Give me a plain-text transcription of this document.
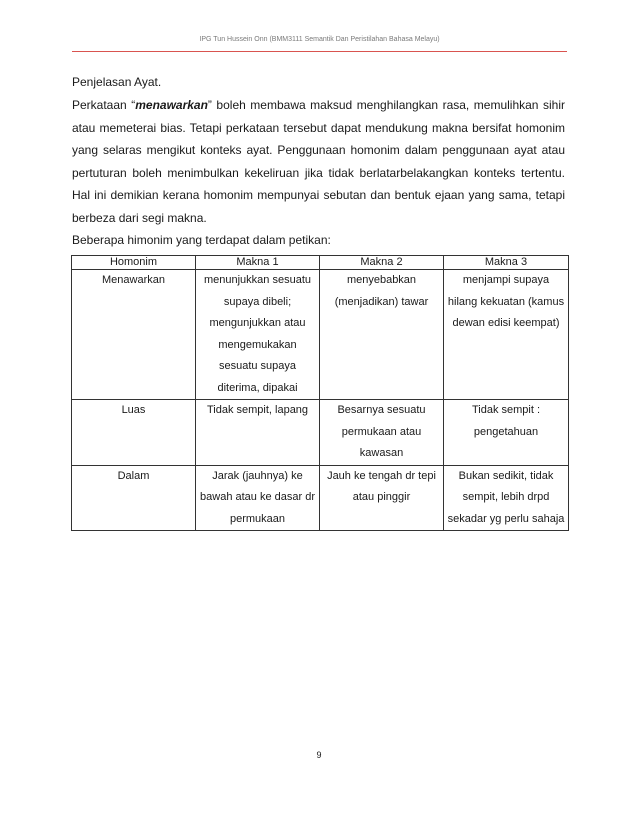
IPG Tun Hussein Onn (BMM3111 Semantik Dan Peristilahan Bahasa Melayu)
Penjelasan Ayat.
Perkataan “menawarkan” boleh membawa maksud menghilangkan rasa, memulihkan sihir atau memeterai bias. Tetapi perkataan tersebut dapat mendukung makna bersifat homonim yang selaras mengikut konteks ayat. Penggunaan homonim dalam penggunaan ayat atau pertuturan boleh menimbulkan kekeliruan jika tidak berlatarbelakangkan konteks tertentu. Hal ini demikian kerana homonim mempunyai sebutan dan bentuk ejaan yang sama, tetapi berbeza dari segi makna.
Beberapa himonim yang terdapat dalam petikan:
Homonim	Makna 1	Makna 2	Makna 3
Menawarkan	menunjukkan sesuatu supaya dibeli; mengunjukkan atau mengemukakan sesuatu supaya diterima, dipakai	menyebabkan (menjadikan) tawar	menjampi supaya hilang kekuatan (kamus dewan edisi keempat)
Luas	Tidak sempit, lapang	Besarnya sesuatu permukaan atau kawasan	Tidak sempit : pengetahuan
Dalam	Jarak (jauhnya) ke bawah atau ke dasar dr permukaan	Jauh ke tengah dr tepi atau pinggir	Bukan sedikit, tidak sempit, lebih drpd sekadar yg perlu sahaja
9
